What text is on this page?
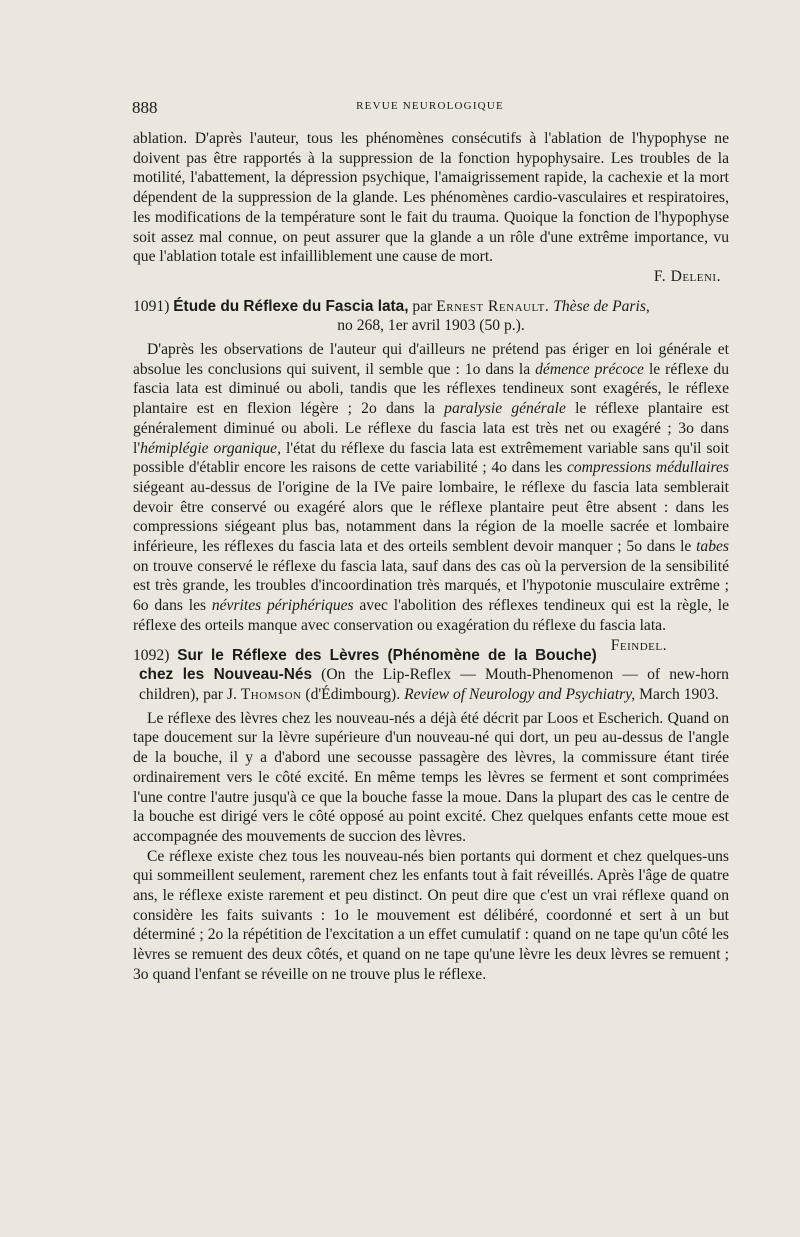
888	REVUE NEUROLOGIQUE

ablation. D'après l'auteur, tous les phénomènes consécutifs à l'ablation de l'hypophyse ne doivent pas être rapportés à la suppression de la fonction hypophysaire. Les troubles de la motilité, l'abattement, la dépression psychique, l'amaigrissement rapide, la cachexie et la mort dépendent de la suppression de la glande. Les phénomènes cardio-vasculaires et respiratoires, les modifications de la température sont le fait du trauma. Quoique la fonction de l'hypophyse soit assez mal connue, on peut assurer que la glande a un rôle d'une extrême importance, vu que l'ablation totale est infailliblement une cause de mort.

F. Deleni.

1091) Étude du Réflexe du Fascia lata, par Ernest Renault. Thèse de Paris,

no 268, 1er avril 1903 (50 p.).

D'après les observations de l'auteur qui d'ailleurs ne prétend pas ériger en loi générale et absolue les conclusions qui suivent, il semble que : 1o dans la démence précoce le réflexe du fascia lata est diminué ou aboli, tandis que les réflexes tendineux sont exagérés, le réflexe plantaire est en flexion légère ; 2o dans la paralysie générale le réflexe plantaire est généralement diminué ou aboli. Le réflexe du fascia lata est très net ou exagéré ; 3o dans l'hémiplégie organique, l'état du réflexe du fascia lata est extrêmement variable sans qu'il soit possible d'établir encore les raisons de cette variabilité ; 4o dans les compressions médullaires siégeant au-dessus de l'origine de la IVe paire lombaire, le réflexe du fascia lata semblerait devoir être conservé ou exagéré alors que le réflexe plantaire peut être absent : dans les compressions siégeant plus bas, notamment dans la région de la moelle sacrée et lombaire inférieure, les réflexes du fascia lata et des orteils semblent devoir manquer ; 5o dans le tabes on trouve conservé le réflexe du fascia lata, sauf dans des cas où la perversion de la sensibilité est très grande, les troubles d'incoordination très marqués, et l'hypotonie musculaire extrême ; 6o dans les névrites périphériques avec l'abolition des réflexes tendineux qui est la règle, le réflexe des orteils manque avec conservation ou exagération du réflexe du fascia lata.
Feindel.

1092) Sur le Réflexe des Lèvres (Phénomène de la Bouche) chez les Nouveau-Nés (On the Lip-Reflex — Mouth-Phenomenon — of new-horn children), par J. Thomson (d'Édimbourg). Review of Neurology and Psychiatry, March 1903.

Le réflexe des lèvres chez les nouveau-nés a déjà été décrit par Loos et Escherich. Quand on tape doucement sur la lèvre supérieure d'un nouveau-né qui dort, un peu au-dessus de l'angle de la bouche, il y a d'abord une secousse passagère des lèvres, la commissure étant tirée ordinairement vers le côté excité. En même temps les lèvres se ferment et sont comprimées l'une contre l'autre jusqu'à ce que la bouche fasse la moue. Dans la plupart des cas le centre de la bouche est dirigé vers le côté opposé au point excité. Chez quelques enfants cette moue est accompagnée des mouvements de succion des lèvres.

Ce réflexe existe chez tous les nouveau-nés bien portants qui dorment et chez quelques-uns qui sommeillent seulement, rarement chez les enfants tout à fait réveillés. Après l'âge de quatre ans, le réflexe existe rarement et peu distinct. On peut dire que c'est un vrai réflexe quand on considère les faits suivants : 1o le mouvement est délibéré, coordonné et sert à un but déterminé ; 2o la répétition de l'excitation a un effet cumulatif : quand on ne tape qu'un côté les lèvres se remuent des deux côtés, et quand on ne tape qu'une lèvre les deux lèvres se remuent ; 3o quand l'enfant se réveille on ne trouve plus le réflexe.
